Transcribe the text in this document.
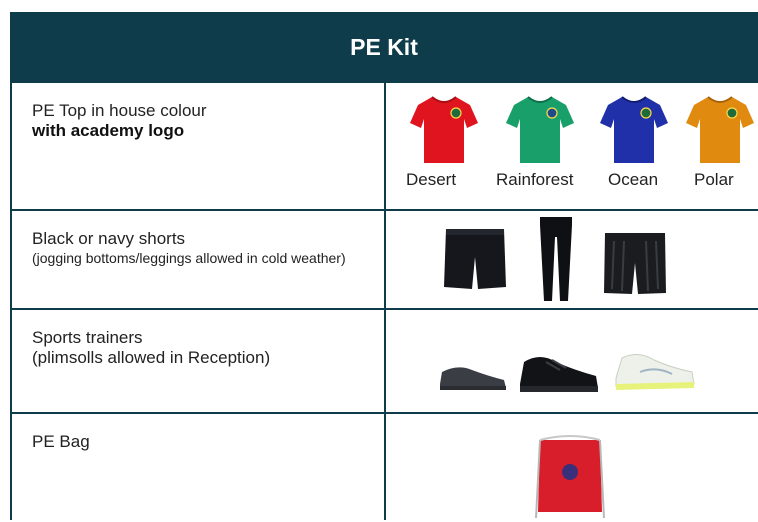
PE Kit
PE Top in house colour
with academy logo
Desert Rainforest Ocean Polar
Black or navy shorts
(jogging bottoms/leggings allowed in cold weather)
Sports trainers
(plimsolls allowed in Reception)
PE Bag
